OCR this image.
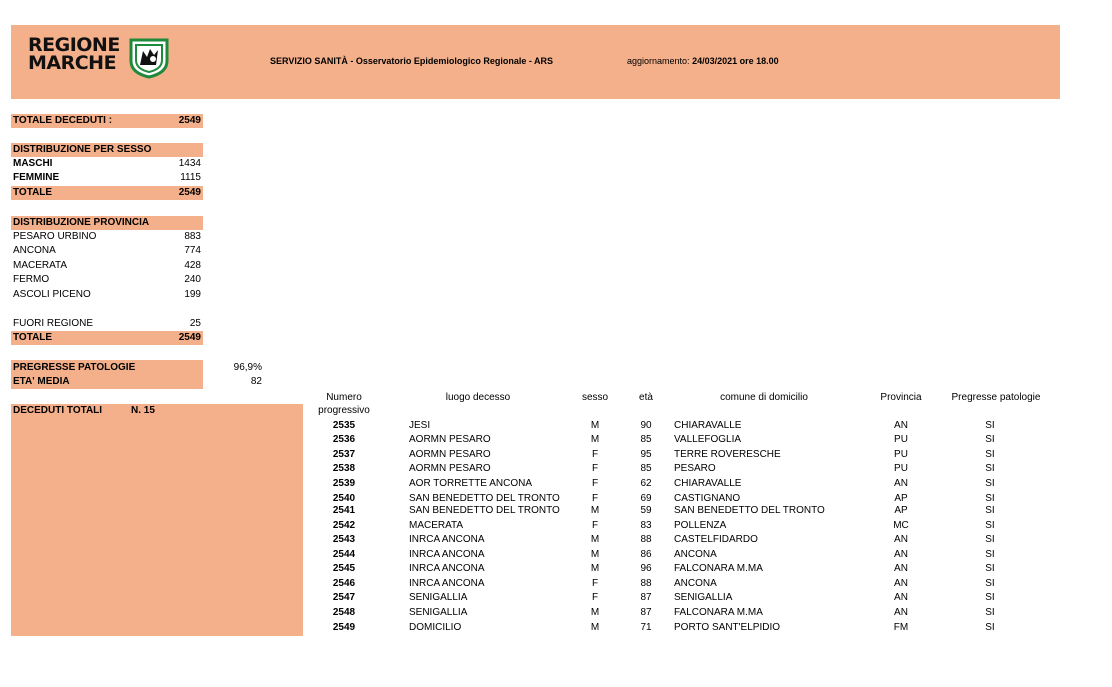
REGIONE
MARCHE	SERVIZIO SANITÀ - Osservatorio Epidemiologico Regionale - ARS	aggiornamento: 24/03/2021 ore 18.00
TOTALE DECEDUTI :	2549
DISTRIBUZIONE PER SESSO
MASCHI	1434
FEMMINE	1115
TOTALE	2549
DISTRIBUZIONE PROVINCIA
PESARO URBINO	883
ANCONA	774
MACERATA	428
FERMO	240
ASCOLI PICENO	199
FUORI REGIONE	25
TOTALE	2549
PREGRESSE PATOLOGIE	96,9%
ETA' MEDIA	82
DECEDUTI TOTALI	N. 15
Numero
progressivo
luogo decesso	sesso	età	comune di domicilio	Provincia	Pregresse patologie
2535	JESI	M	90	CHIARAVALLE	AN	SI
2536	AORMN PESARO	M	85	VALLEFOGLIA	PU	SI
2537	AORMN PESARO	F	95	TERRE ROVERESCHE	PU	SI
2538	AORMN PESARO	F	85	PESARO	PU	SI
2539	AOR TORRETTE ANCONA	F	62	CHIARAVALLE	AN	SI
2540	SAN BENEDETTO DEL TRONTO	F	69	CASTIGNANO	AP	SI
2541	SAN BENEDETTO DEL TRONTO	M	59	SAN BENEDETTO DEL TRONTO	AP	SI
2542	MACERATA	F	83	POLLENZA	MC	SI
2543	INRCA ANCONA	M	88	CASTELFIDARDO	AN	SI
2544	INRCA ANCONA	M	86	ANCONA	AN	SI
2545	INRCA ANCONA	M	96	FALCONARA M.MA	AN	SI
2546	INRCA ANCONA	F	88	ANCONA	AN	SI
2547	SENIGALLIA	F	87	SENIGALLIA	AN	SI
2548	SENIGALLIA	M	87	FALCONARA M.MA	AN	SI
2549	DOMICILIO	M	71	PORTO SANT'ELPIDIO	FM	SI
